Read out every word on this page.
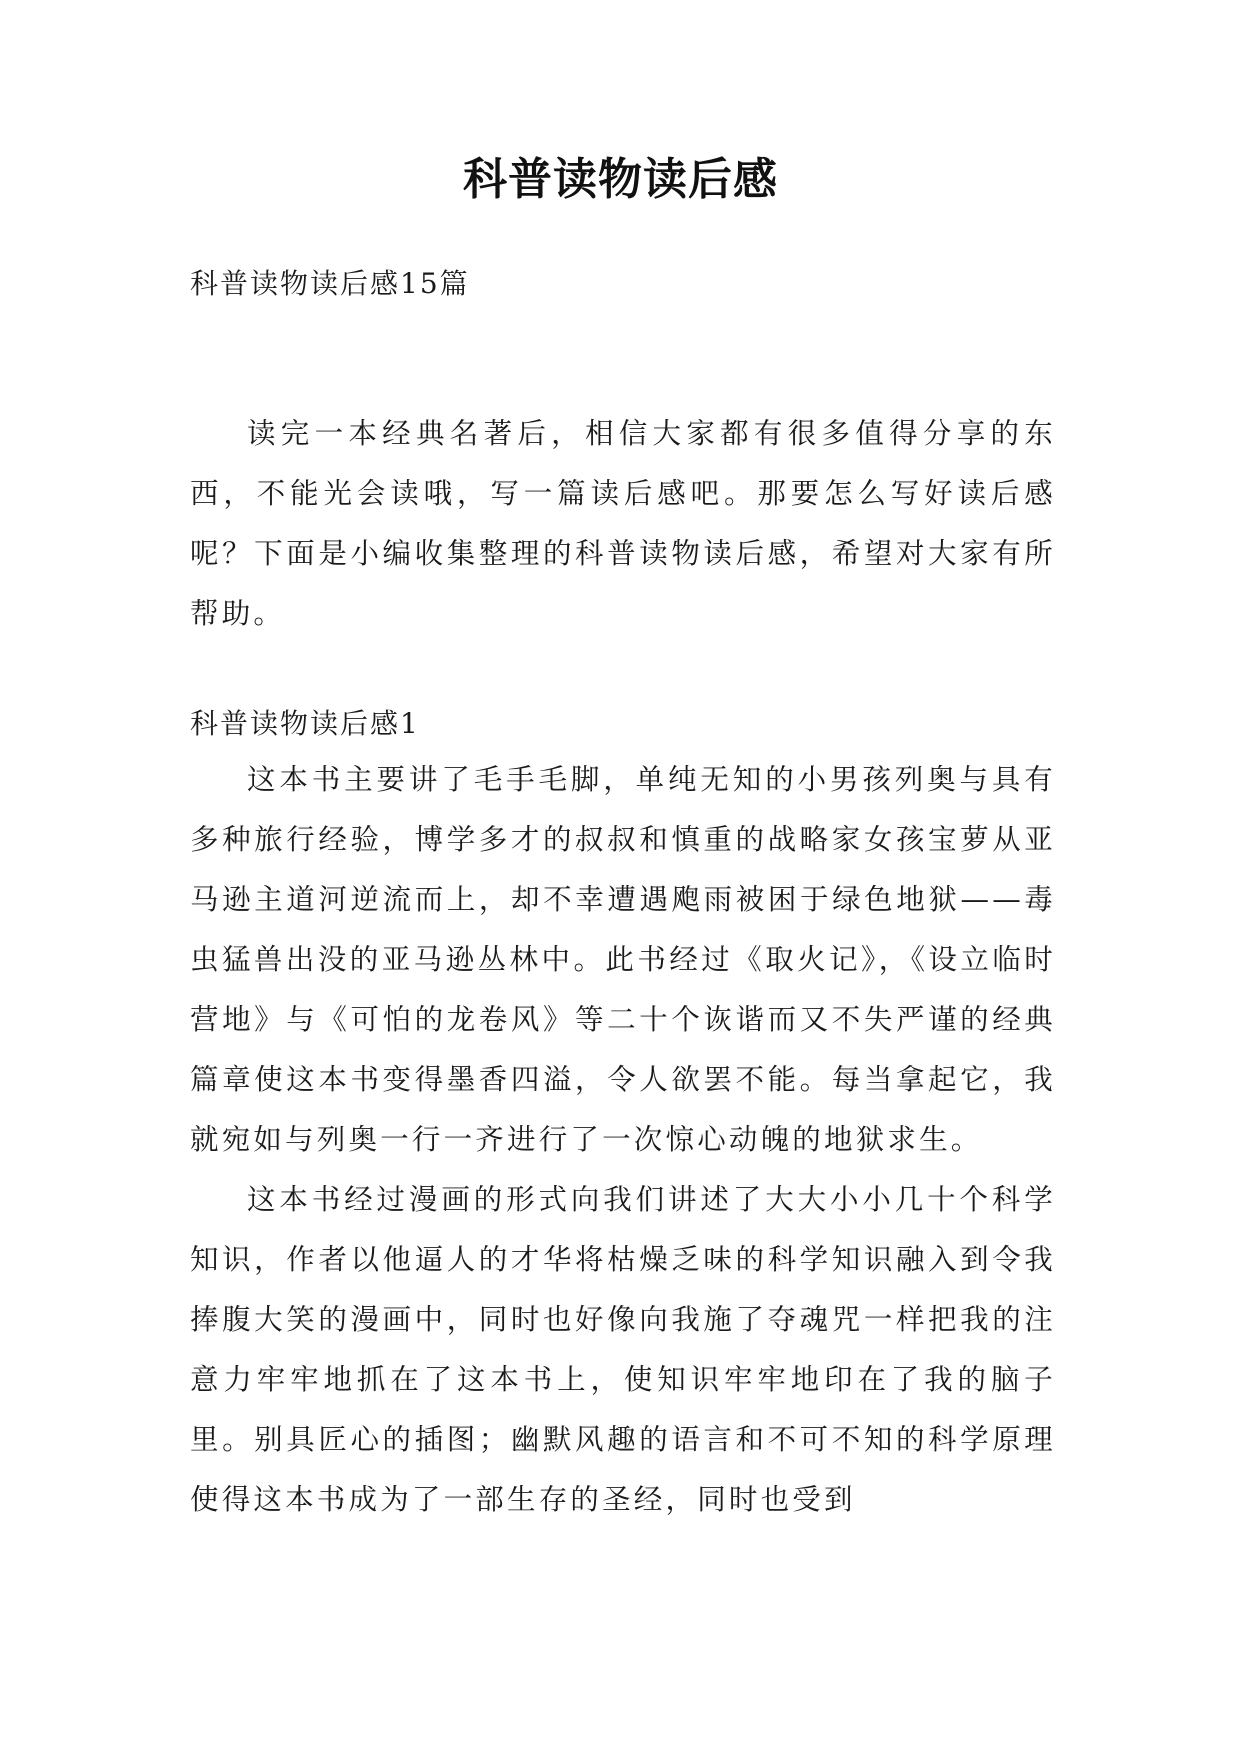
科普读物读后感
科普读物读后感15篇

读完一本经典名著后，相信大家都有很多值得分享的东西，不能光会读哦，写一篇读后感吧。那要怎么写好读后感呢？下面是小编收集整理的科普读物读后感，希望对大家有所帮助。

科普读物读后感1

这本书主要讲了毛手毛脚，单纯无知的小男孩列奥与具有多种旅行经验，博学多才的叔叔和慎重的战略家女孩宝萝从亚马逊主道河逆流而上，却不幸遭遇飑雨被困于绿色地狱——毒虫猛兽出没的亚马逊丛林中。此书经过《取火记》，《设立临时营地》与《可怕的龙卷风》等二十个诙谐而又不失严谨的经典篇章使这本书变得墨香四溢，令人欲罢不能。每当拿起它，我就宛如与列奥一行一齐进行了一次惊心动魄的地狱求生。

这本书经过漫画的形式向我们讲述了大大小小几十个科学知识，作者以他逼人的才华将枯燥乏味的科学知识融入到令我捧腹大笑的漫画中，同时也好像向我施了夺魂咒一样把我的注意力牢牢地抓在了这本书上，使知识牢牢地印在了我的脑子里。别具匠心的插图；幽默风趣的语言和不可不知的科学原理使得这本书成为了一部生存的圣经，同时也受到
